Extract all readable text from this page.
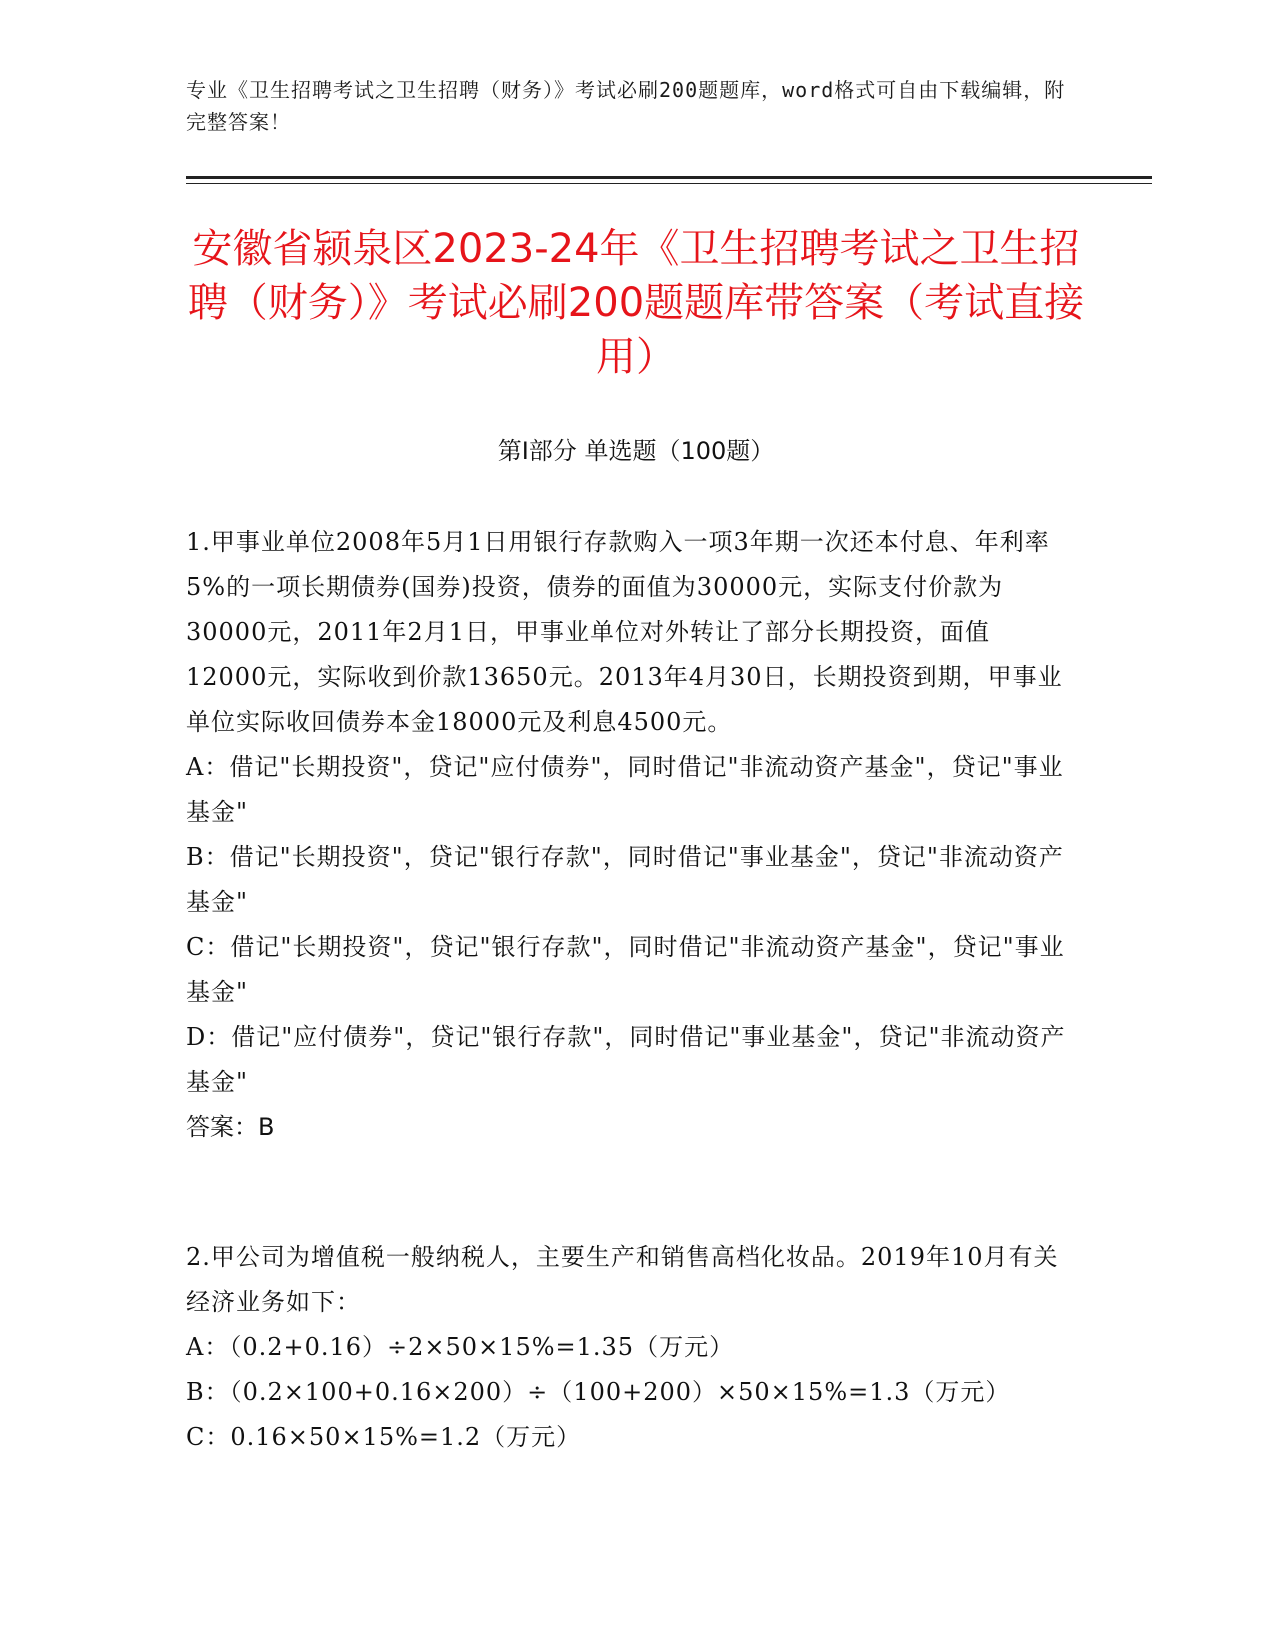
专业《卫生招聘考试之卫生招聘（财务）》考试必刷200题题库，word格式可自由下载编辑，附完整答案！
安徽省颍泉区2023-24年《卫生招聘考试之卫生招聘（财务）》考试必刷200题题库带答案（考试直接用）
第Ⅰ部分 单选题（100题）

1.甲事业单位2008年5月1日用银行存款购入一项3年期一次还本付息、年利率5%的一项长期债券(国券)投资，债券的面值为30000元，实际支付价款为30000元，2011年2月1日，甲事业单位对外转让了部分长期投资，面值12000元，实际收到价款13650元。2013年4月30日，长期投资到期，甲事业单位实际收回债券本金18000元及利息4500元。

A：借记"长期投资"，贷记"应付债券"，同时借记"非流动资产基金"，贷记"事业基金"

B：借记"长期投资"，贷记"银行存款"，同时借记"事业基金"，贷记"非流动资产基金"

C：借记"长期投资"，贷记"银行存款"，同时借记"非流动资产基金"，贷记"事业基金"

D：借记"应付债券"，贷记"银行存款"，同时借记"事业基金"，贷记"非流动资产基金"

答案：B

2.甲公司为增值税一般纳税人，主要生产和销售高档化妆品。2019年10月有关经济业务如下：

A：（0.2+0.16）÷2×50×15%=1.35（万元）

B：（0.2×100+0.16×200）÷（100+200）×50×15%=1.3（万元）

C：0.16×50×15%=1.2（万元）
